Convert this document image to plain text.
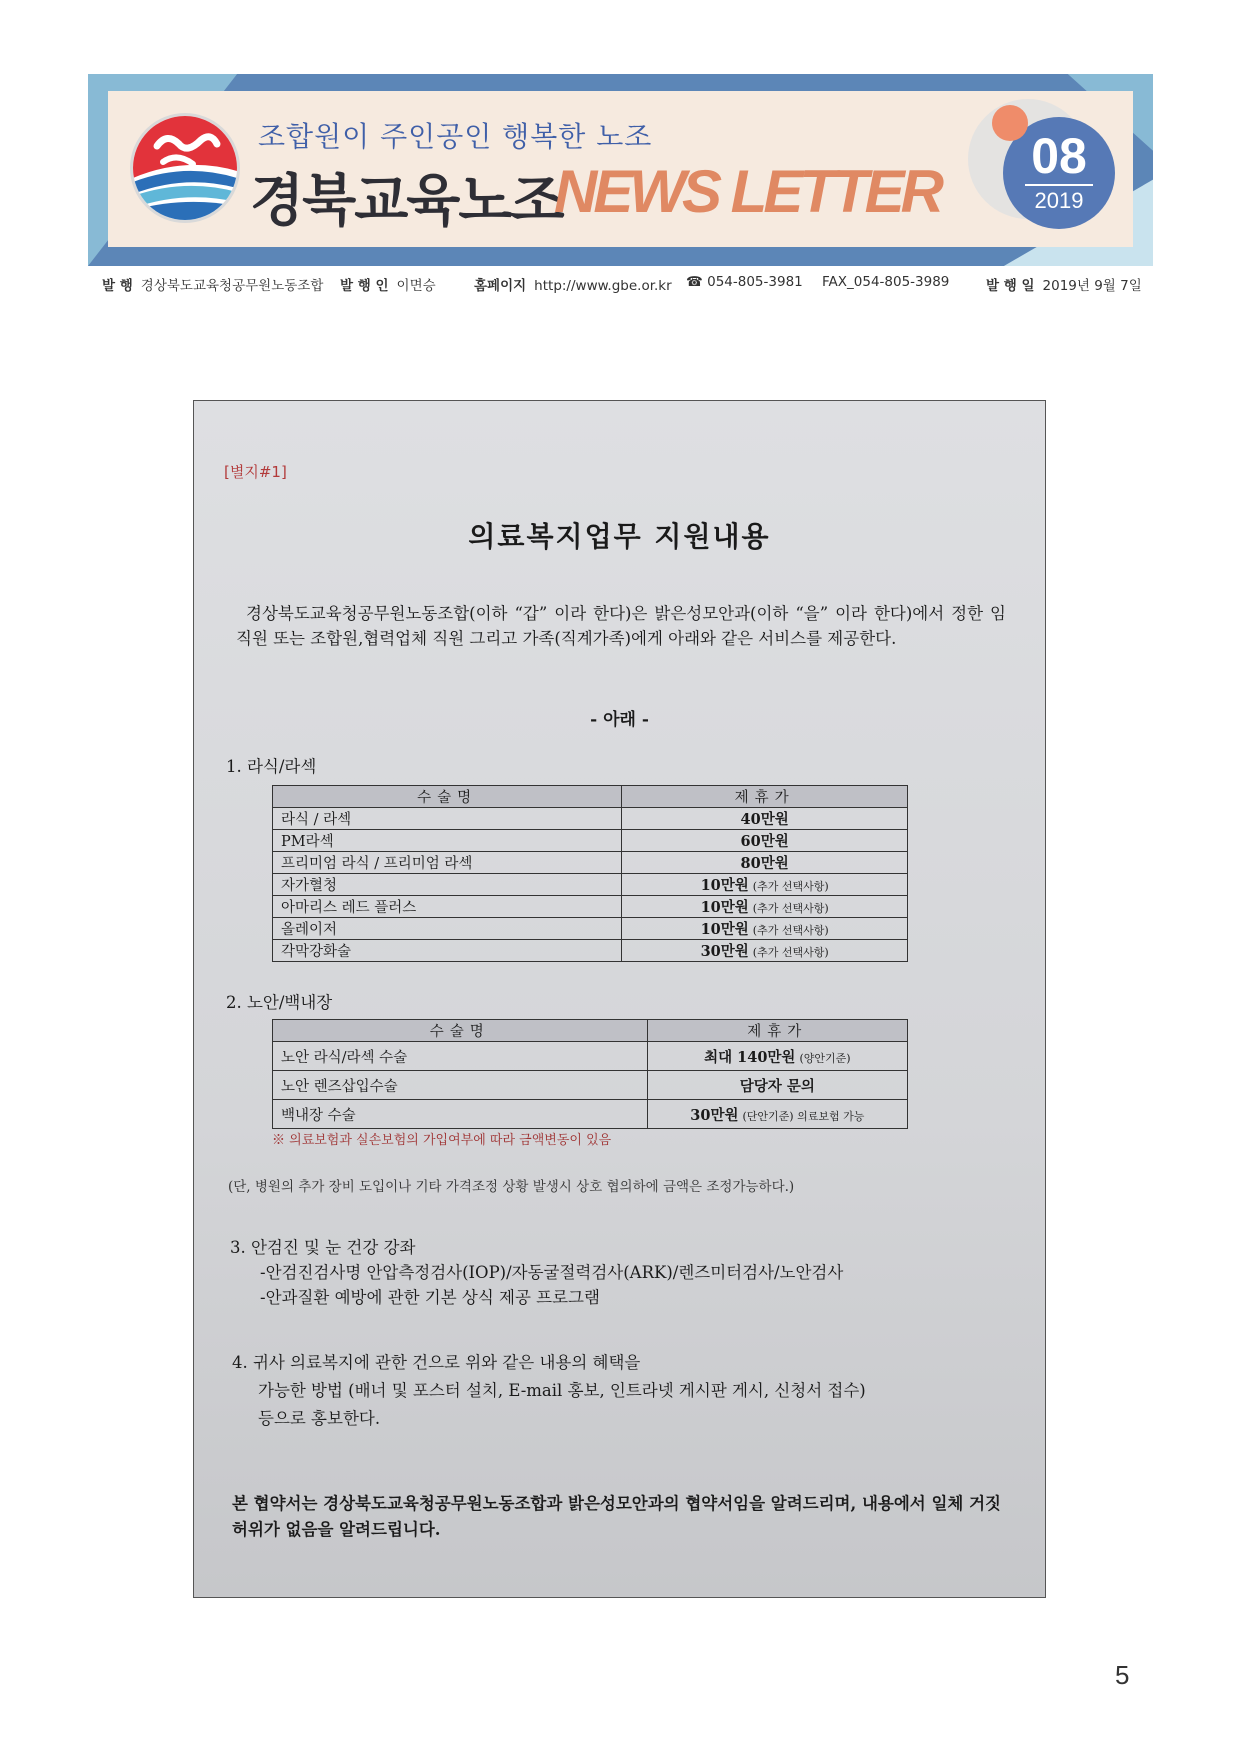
조합원이 주인공인 행복한 노조
경북교육노조
NEWS LETTER
08
2019
발 행 경상북도교육청공무원노동조합 발 행 인 이면승	홈페이지 http://www.gbe.or.kr ☎ 054-805-3981 FAX_054-805-3989	발 행 일 2019년 9월 7일
[별지#1]
의료복지업무 지원내용
경상북도교육청공무원노동조합(이하 “갑” 이라 한다)은 밝은성모안과(이하 “을” 이라 한다)에서 정한 임직원 또는 조합원,협력업체 직원 그리고 가족(직계가족)에게 아래와 같은 서비스를 제공한다.
- 아래 -
1. 라식/라섹
수술명	제휴가
라식 / 라섹	40만원
PM라섹	60만원
프리미엄 라식 / 프리미엄 라섹	80만원
자가혈청	10만원 (추가 선택사항)
아마리스 레드 플러스	10만원 (추가 선택사항)
올레이저	10만원 (추가 선택사항)
각막강화술	30만원 (추가 선택사항)
2. 노안/백내장
수술명	제휴가
노안 라식/라섹 수술	최대 140만원 (양안기준)
노안 렌즈삽입수술	담당자 문의
백내장 수술	30만원 (단안기준) 의료보험 가능
※ 의료보험과 실손보험의 가입여부에 따라 금액변동이 있음
(단, 병원의 추가 장비 도입이나 기타 가격조정 상황 발생시 상호 협의하에 금액은 조정가능하다.)
3. 안검진 및 눈 건강 강좌
-안검진검사명 안압측정검사(IOP)/자동굴절력검사(ARK)/렌즈미터검사/노안검사
-안과질환 예방에 관한 기본 상식 제공 프로그램
4. 귀사 의료복지에 관한 건으로 위와 같은 내용의 혜택을
가능한 방법 (배너 및 포스터 설치, E-mail 홍보, 인트라넷 게시판 게시, 신청서 접수)
등으로 홍보한다.
본 협약서는 경상북도교육청공무원노동조합과 밝은성모안과의 협약서임을 알려드리며, 내용에서 일체 거짓 허위가 없음을 알려드립니다.
5
